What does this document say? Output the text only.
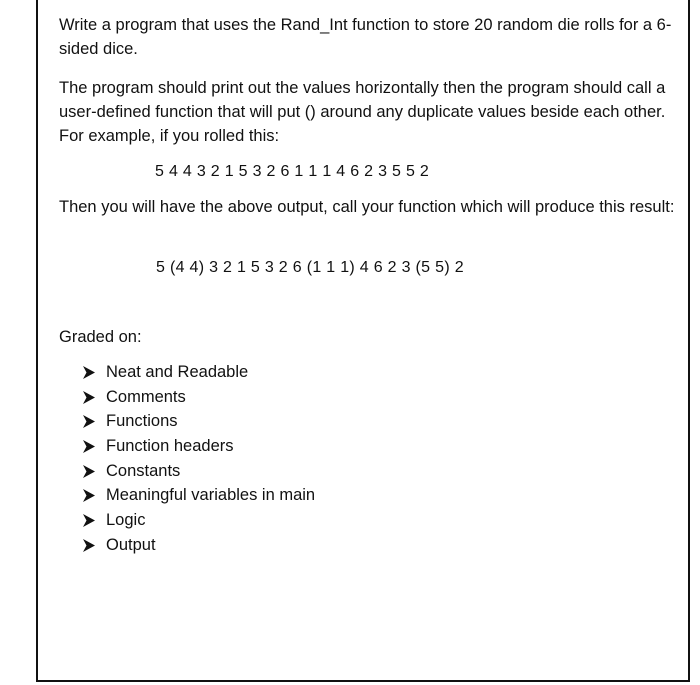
Write a program that uses the Rand_Int function to store 20 random die rolls for a 6-sided dice.

The program should print out the values horizontally then the program should call a user-defined function that will put () around any duplicate values beside each other. For example, if you rolled this:

5 4 4 3 2 1 5 3 2 6 1 1 1 4 6 2 3 5 5 2

Then you will have the above output, call your function which will produce this result:

5 (4 4) 3 2 1 5 3 2 6 (1 1 1) 4 6 2 3 (5 5) 2
Graded on:
Neat and Readable
Comments
Functions
Function headers
Constants
Meaningful variables in main
Logic
Output
